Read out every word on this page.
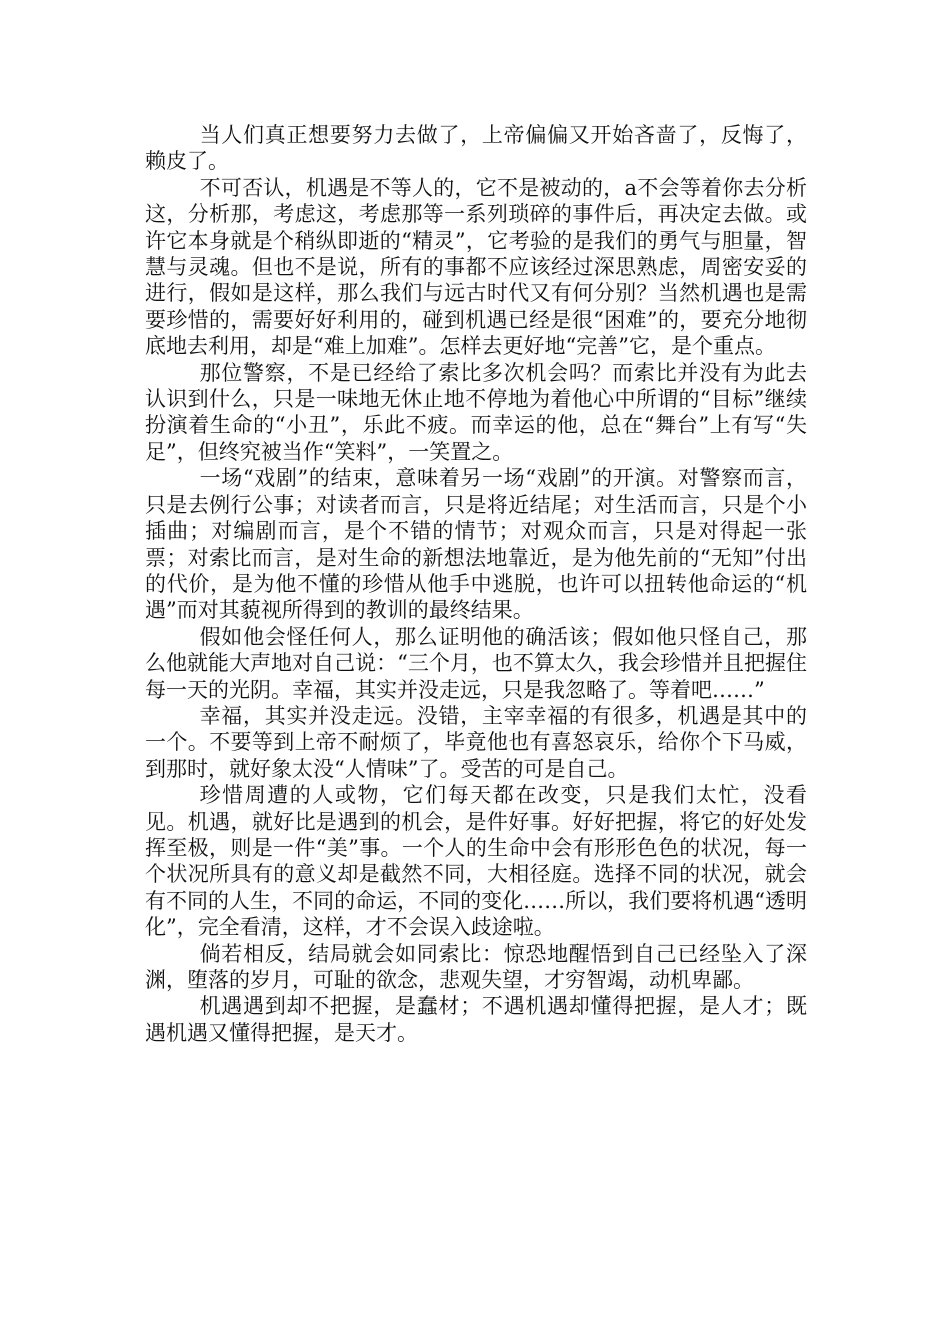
当人们真正想要努力去做了，上帝偏偏又开始吝啬了，反悔了，赖皮了。

不可否认，机遇是不等人的，它不是被动的，a不会等着你去分析这，分析那，考虑这，考虑那等一系列琐碎的事件后，再决定去做。或许它本身就是个稍纵即逝的“精灵”，它考验的是我们的勇气与胆量，智慧与灵魂。但也不是说，所有的事都不应该经过深思熟虑，周密安妥的进行，假如是这样，那么我们与远古时代又有何分别？当然机遇也是需要珍惜的，需要好好利用的，碰到机遇已经是很“困难”的，要充分地彻底地去利用，却是“难上加难”。怎样去更好地“完善”它，是个重点。

那位警察，不是已经给了索比多次机会吗？而索比并没有为此去认识到什么，只是一味地无休止地不停地为着他心中所谓的“目标”继续扮演着生命的“小丑”，乐此不疲。而幸运的他，总在“舞台”上有写“失足”，但终究被当作“笑料”，一笑置之。

一场“戏剧”的结束，意味着另一场“戏剧”的开演。对警察而言，只是去例行公事；对读者而言，只是将近结尾；对生活而言，只是个小插曲；对编剧而言，是个不错的情节；对观众而言，只是对得起一张票；对索比而言，是对生命的新想法地靠近，是为他先前的“无知”付出的代价，是为他不懂的珍惜从他手中逃脱，也许可以扭转他命运的“机遇”而对其藐视所得到的教训的最终结果。

假如他会怪任何人，那么证明他的确活该；假如他只怪自己，那么他就能大声地对自己说：“三个月，也不算太久，我会珍惜并且把握住每一天的光阴。幸福，其实并没走远，只是我忽略了。等着吧……”

幸福，其实并没走远。没错，主宰幸福的有很多，机遇是其中的一个。不要等到上帝不耐烦了，毕竟他也有喜怒哀乐，给你个下马威，到那时，就好象太没“人情味”了。受苦的可是自己。

珍惜周遭的人或物，它们每天都在改变，只是我们太忙，没看见。机遇，就好比是遇到的机会，是件好事。好好把握，将它的好处发挥至极，则是一件“美”事。一个人的生命中会有形形色色的状况，每一个状况所具有的意义却是截然不同，大相径庭。选择不同的状况，就会有不同的人生，不同的命运，不同的变化……所以，我们要将机遇“透明化”，完全看清，这样，才不会误入歧途啦。

倘若相反，结局就会如同索比：惊恐地醒悟到自己已经坠入了深渊，堕落的岁月，可耻的欲念，悲观失望，才穷智竭，动机卑鄙。

机遇遇到却不把握，是蠢材；不遇机遇却懂得把握，是人才；既遇机遇又懂得把握，是天才。
